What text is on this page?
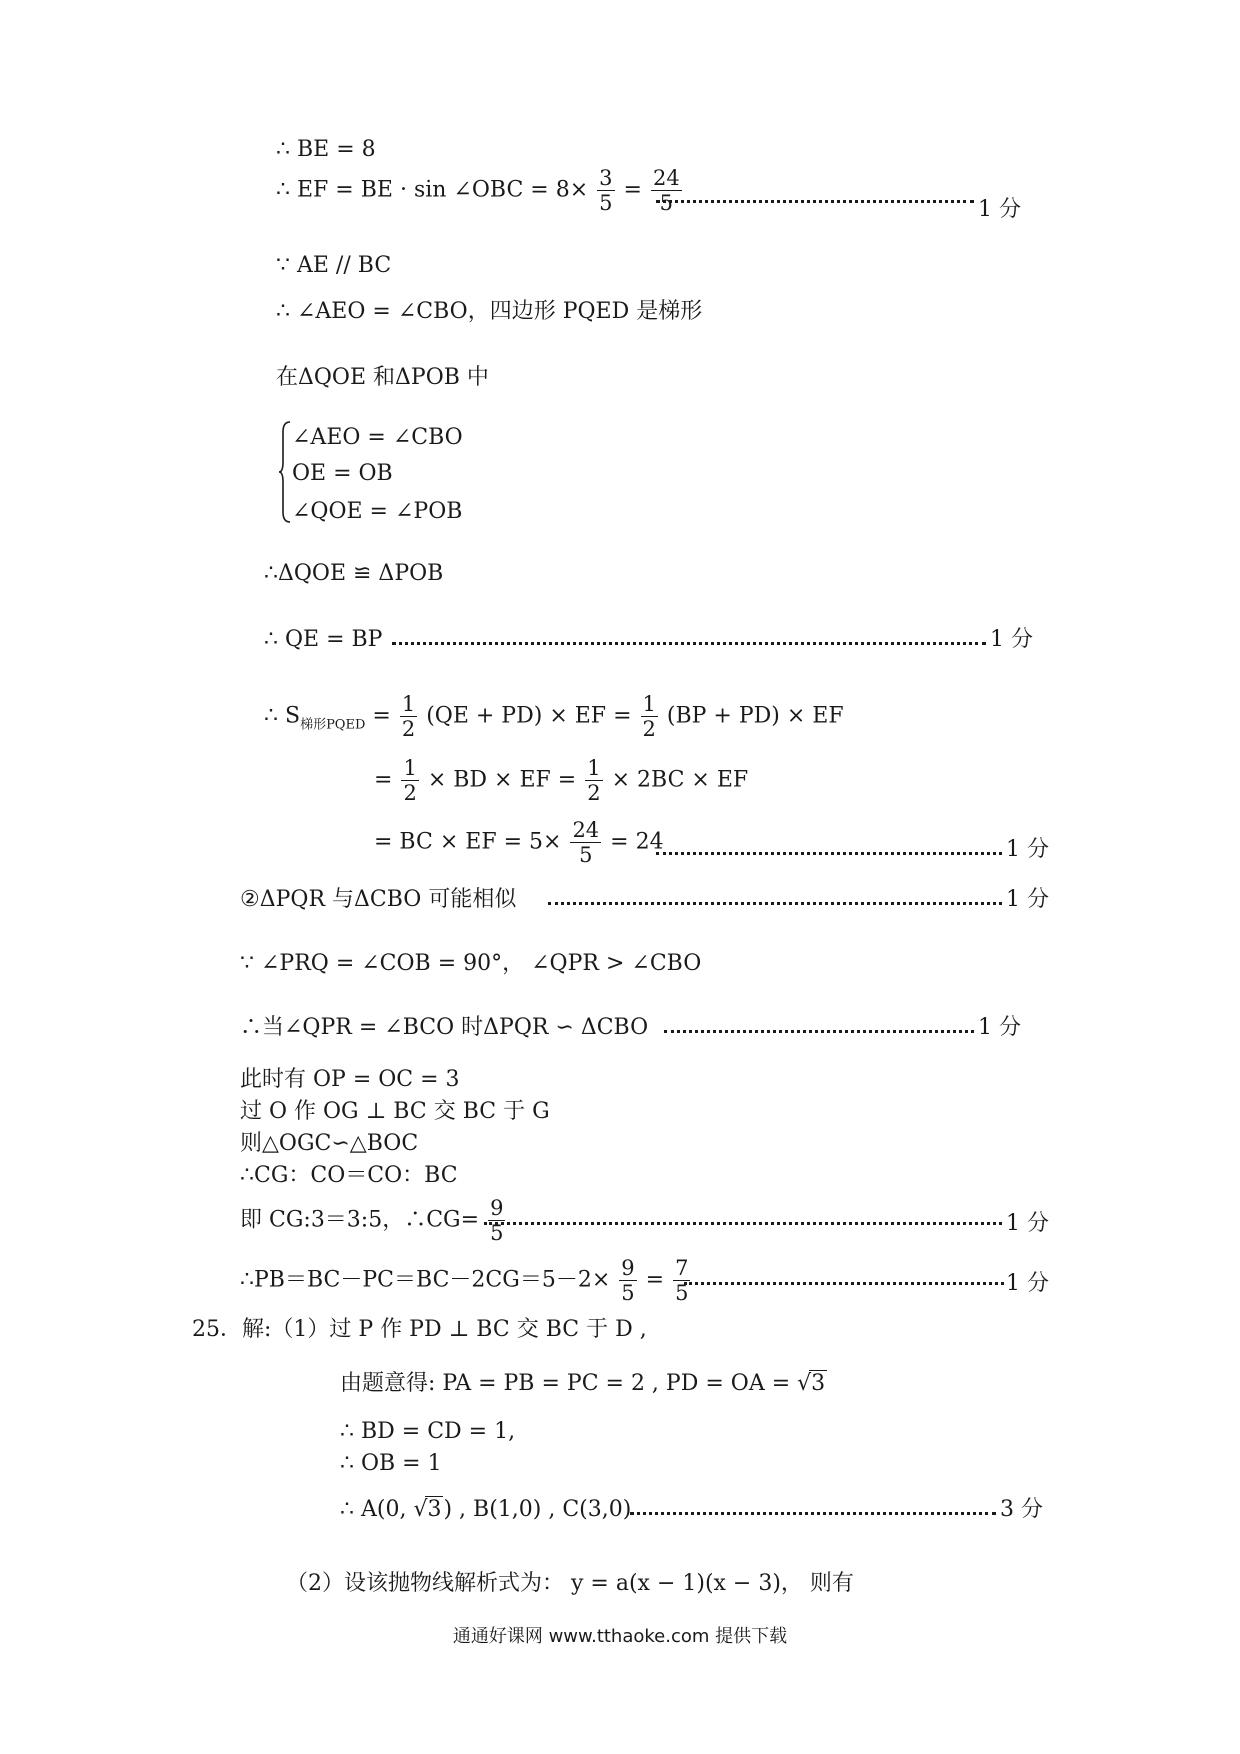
∴ BE = 8
∴ EF = BE · sin ∠OBC = $8\times \frac{3}{5} = \frac{24}{5}$	1 分
∵ AE // BC
∴ ∠AEO = ∠CBO，四边形 PQED 是梯形
在ΔQOE 和ΔPOB 中
∠AEO = ∠CBO
OE = OB
∠QOE = ∠POB
∴ΔQOE ≌ ΔPOB
∴ QE = BP	1 分
∴ $S_{梯形PQED} = \frac{1}{2} (QE + PD)$ × EF = $\frac{1}{2} (BP + PD)$ × EF
= $\frac{1}{2}$ × BD × EF = $\frac{1}{2} \times 2BC$ × EF
= BC × EF = $5\times \frac{24}{5} = 24$	1 分
②ΔPQR 与ΔCBO 可能相似	1 分
∵ ∠PRQ = ∠COB = 90°， ∠QPR > ∠CBO
∴当∠QPR = ∠BCO 时ΔPQR ∽ ΔCBO	1 分
此时有 OP = OC = 3
过 O 作 OG ⊥ BC 交 BC 于 G
则△OGC∽△BOC
∴CG：CO＝CO：BC
即 CG:3＝3:5，∴CG= $\frac{9}{5}$	1 分
∴PB＝BC－PC＝BC－2CG＝5－2× $\frac{9}{5} = \frac{7}{5}$	1 分
25．解:（1）过 P 作 PD ⊥ BC 交 BC 于 D ,
由题意得: PA = PB = PC = 2 , PD = OA = √3
∴ BD = CD = 1,
∴ OB = 1
∴ A(0, √3) , B(1,0) , C(3,0)	3 分
（2）设该抛物线解析式为： y = a(x − 1)(x − 3)， 则有
通通好课网 www.tthaoke.com 提供下载
